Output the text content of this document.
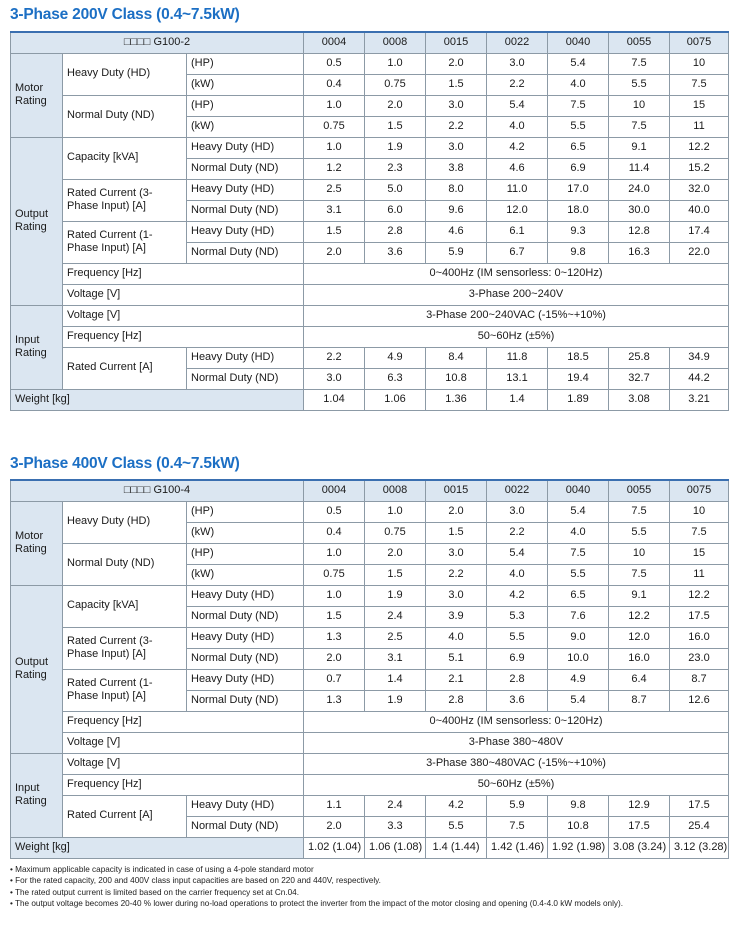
3-Phase 200V Class (0.4~7.5kW)
□□□□ G100-2			0004	0008	0015	0022	0040	0055	0075
Motor Rating	Heavy Duty (HD)	(HP)	0.5	1.0	2.0	3.0	5.4	7.5	10
		(kW)	0.4	0.75	1.5	2.2	4.0	5.5	7.5
	Normal Duty (ND)	(HP)	1.0	2.0	3.0	5.4	7.5	10	15
		(kW)	0.75	1.5	2.2	4.0	5.5	7.5	11
Output Rating	Capacity [kVA]	Heavy Duty (HD)	1.0	1.9	3.0	4.2	6.5	9.1	12.2
		Normal Duty (ND)	1.2	2.3	3.8	4.6	6.9	11.4	15.2
	Rated Current (3-Phase Input) [A]	Heavy Duty (HD)	2.5	5.0	8.0	11.0	17.0	24.0	32.0
		Normal Duty (ND)	3.1	6.0	9.6	12.0	18.0	30.0	40.0
	Rated Current (1-Phase Input) [A]	Heavy Duty (HD)	1.5	2.8	4.6	6.1	9.3	12.8	17.4
		Normal Duty (ND)	2.0	3.6	5.9	6.7	9.8	16.3	22.0
	Frequency [Hz]		0~400Hz (IM sensorless: 0~120Hz)						
	Voltage [V]		3-Phase 200~240V						
Input Rating	Voltage [V]		3-Phase 200~240VAC (-15%~+10%)						
	Frequency [Hz]		50~60Hz (±5%)						
	Rated Current [A]	Heavy Duty (HD)	2.2	4.9	8.4	11.8	18.5	25.8	34.9
		Normal Duty (ND)	3.0	6.3	10.8	13.1	19.4	32.7	44.2
Weight [kg]			1.04	1.06	1.36	1.4	1.89	3.08	3.21
3-Phase 400V Class (0.4~7.5kW)
□□□□ G100-4			0004	0008	0015	0022	0040	0055	0075
Motor Rating	Heavy Duty (HD)	(HP)	0.5	1.0	2.0	3.0	5.4	7.5	10
		(kW)	0.4	0.75	1.5	2.2	4.0	5.5	7.5
	Normal Duty (ND)	(HP)	1.0	2.0	3.0	5.4	7.5	10	15
		(kW)	0.75	1.5	2.2	4.0	5.5	7.5	11
Output Rating	Capacity [kVA]	Heavy Duty (HD)	1.0	1.9	3.0	4.2	6.5	9.1	12.2
		Normal Duty (ND)	1.5	2.4	3.9	5.3	7.6	12.2	17.5
	Rated Current (3-Phase Input) [A]	Heavy Duty (HD)	1.3	2.5	4.0	5.5	9.0	12.0	16.0
		Normal Duty (ND)	2.0	3.1	5.1	6.9	10.0	16.0	23.0
	Rated Current (1-Phase Input) [A]	Heavy Duty (HD)	0.7	1.4	2.1	2.8	4.9	6.4	8.7
		Normal Duty (ND)	1.3	1.9	2.8	3.6	5.4	8.7	12.6
	Frequency [Hz]		0~400Hz (IM sensorless: 0~120Hz)						
	Voltage [V]		3-Phase 380~480V						
Input Rating	Voltage [V]		3-Phase 380~480VAC (-15%~+10%)						
	Frequency [Hz]		50~60Hz (±5%)						
	Rated Current [A]	Heavy Duty (HD)	1.1	2.4	4.2	5.9	9.8	12.9	17.5
		Normal Duty (ND)	2.0	3.3	5.5	7.5	10.8	17.5	25.4
Weight [kg]			1.02 (1.04)	1.06 (1.08)	1.4 (1.44)	1.42 (1.46)	1.92 (1.98)	3.08 (3.24)	3.12 (3.28)
• Maximum applicable capacity is indicated in case of using a 4-pole standard motor
• For the rated capacity, 200 and 400V class input capacities are based on 220 and 440V, respectively.
• The rated output current is limited based on the carrier frequency set at Cn.04.
• The output voltage becomes 20-40 % lower during no-load operations to protect the inverter from the impact of the motor closing and opening (0.4-4.0 kW models only).
